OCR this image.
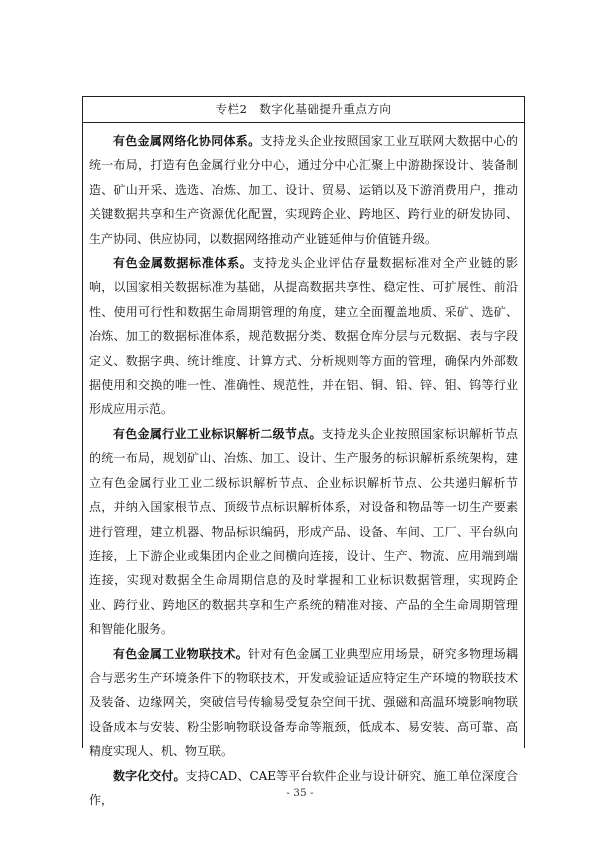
专栏2　数字化基础提升重点方向

有色金属网络化协同体系。支持龙头企业按照国家工业互联网大数据中心的统一布局，打造有色金属行业分中心，通过分中心汇聚上中游勘探设计、装备制造、矿山开采、选选、冶炼、加工、设计、贸易、运销以及下游消费用户，推动关键数据共享和生产资源优化配置，实现跨企业、跨地区、跨行业的研发协同、生产协同、供应协同，以数据网络推动产业链延伸与价值链升级。

有色金属数据标准体系。支持龙头企业评估存量数据标准对全产业链的影响，以国家相关数据标准为基础，从提高数据共享性、稳定性、可扩展性、前沿性、使用可行性和数据生命周期管理的角度，建立全面覆盖地质、采矿、选矿、冶炼、加工的数据标准体系，规范数据分类、数据仓库分层与元数据、表与字段定义、数据字典、统计维度、计算方式、分析规则等方面的管理，确保内外部数据使用和交换的唯一性、准确性、规范性，并在铝、铜、铅、锌、钼、钨等行业形成应用示范。

有色金属行业工业标识解析二级节点。支持龙头企业按照国家标识解析节点的统一布局，规划矿山、冶炼、加工、设计、生产服务的标识解析系统架构，建立有色金属行业工业二级标识解析节点、企业标识解析节点、公共递归解析节点，并纳入国家根节点、顶级节点标识解析体系，对设备和物品等一切生产要素进行管理，建立机器、物品标识编码，形成产品、设备、车间、工厂、平台纵向连接，上下游企业或集团内企业之间横向连接，设计、生产、物流、应用端到端连接，实现对数据全生命周期信息的及时掌握和工业标识数据管理，实现跨企业、跨行业、跨地区的数据共享和生产系统的精准对接、产品的全生命周期管理和智能化服务。

有色金属工业物联技术。针对有色金属工业典型应用场景，研究多物理场耦合与恶劣生产环境条件下的物联技术，开发或验证适应特定生产环境的物联技术及装备、边缘网关，突破信号传输易受复杂空间干扰、强磁和高温环境影响物联设备成本与安装、粉尘影响物联设备寿命等瓶颈，低成本、易安装、高可靠、高精度实现人、机、物互联。

数字化交付。支持CAD、CAE等平台软件企业与设计研究、施工单位深度合作，	- 35 -
